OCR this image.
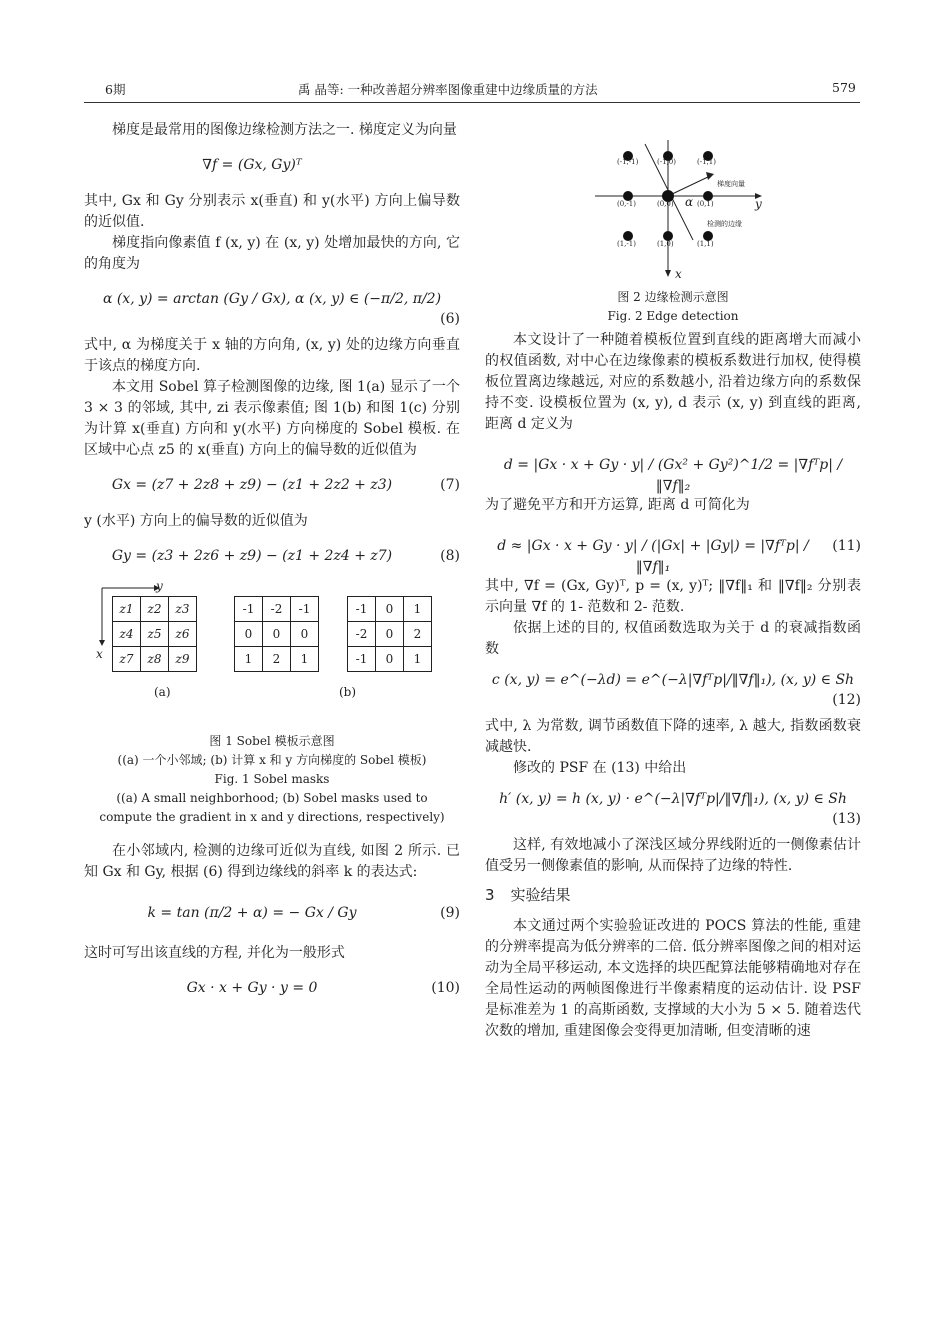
6期	禹 晶等: 一种改善超分辨率图像重建中边缘质量的方法	579

梯度是最常用的图像边缘检测方法之一. 梯度定义为向量

∇f = (Gx, Gy)ᵀ

其中, Gx 和 Gy 分别表示 x(垂直) 和 y(水平) 方向上偏导数的近似值.

梯度指向像素值 f (x, y) 在 (x, y) 处增加最快的方向, 它的角度为

α (x, y) = arctan (Gy / Gx), α (x, y) ∈ (−π/2, π/2)
(6)

式中, α 为梯度关于 x 轴的方向角, (x, y) 处的边缘方向垂直于该点的梯度方向.

本文用 Sobel 算子检测图像的边缘, 图 1(a) 显示了一个 3 × 3 的邻域, 其中, zi 表示像素值; 图 1(b) 和图 1(c) 分别为计算 x(垂直) 方向和 y(水平) 方向梯度的 Sobel 模板. 在区域中心点 z5 的 x(垂直) 方向上的偏导数的近似值为

Gx = (z7 + 2z8 + z9) − (z1 + 2z2 + z3)	(7)

y (水平) 方向上的偏导数的近似值为

Gy = (z3 + 2z6 + z9) − (z1 + 2z4 + z7)	(8)
y
x
z1	z2	z3
z4	z5	z6
z7	z8	z9
-1	-2	-1
0	0	0
1	2	1
-1	0	1
-2	0	2
-1	0	1
(a)	(b)
图 1 Sobel 模板示意图
((a) 一个小邻域; (b) 计算 x 和 y 方向梯度的 Sobel 模板)
Fig. 1 Sobel masks
((a) A small neighborhood; (b) Sobel masks used to
compute the gradient in x and y directions, respectively)

在小邻域内, 检测的边缘可近似为直线, 如图 2 所示. 已知 Gx 和 Gy, 根据 (6) 得到边缘线的斜率 k 的表达式:

k = tan (π/2 + α) = − Gx / Gy	(9)

这时可写出该直线的方程, 并化为一般形式

Gx · x + Gy · y = 0	(10)
(-1,-1)	(-1,0)	(-1,1)
(0,-1)	(0,0)	(0,1)
(1,-1)	(1,0)	(1,1)
梯度向量
检测的边缘
α	y
x
图 2 边缘检测示意图
Fig. 2 Edge detection

本文设计了一种随着模板位置到直线的距离增大而减小的权值函数, 对中心在边缘像素的模板系数进行加权, 使得模板位置离边缘越远, 对应的系数越小, 沿着边缘方向的系数保持不变. 设模板位置为 (x, y), d 表示 (x, y) 到直线的距离, 距离 d 定义为

d = |Gx · x + Gy · y| / (Gx² + Gy²)^1/2 = |∇fᵀp| / ‖∇f‖₂

为了避免平方和开方运算, 距离 d 可简化为

d ≈ |Gx · x + Gy · y| / (|Gx| + |Gy|) = |∇fᵀp| / ‖∇f‖₁
(11)

其中, ∇f = (Gx, Gy)ᵀ, p = (x, y)ᵀ; ‖∇f‖₁ 和 ‖∇f‖₂ 分别表示向量 ∇f 的 1- 范数和 2- 范数.

依据上述的目的, 权值函数选取为关于 d 的衰减指数函数

c (x, y) = e^(−λd) = e^(−λ|∇fᵀp|/‖∇f‖₁), (x, y) ∈ Sh
(12)

式中, λ 为常数, 调节函数值下降的速率, λ 越大, 指数函数衰减越快.

修改的 PSF 在 (13) 中给出

h′ (x, y) = h (x, y) · e^(−λ|∇fᵀp|/‖∇f‖₁), (x, y) ∈ Sh
(13)

这样, 有效地减小了深浅区域分界线附近的一侧像素估计值受另一侧像素值的影响, 从而保持了边缘的特性.

3 实验结果

本文通过两个实验验证改进的 POCS 算法的性能, 重建的分辨率提高为低分辨率的二倍. 低分辨率图像之间的相对运动为全局平移运动, 本文选择的块匹配算法能够精确地对存在全局性运动的两帧图像进行半像素精度的运动估计. 设 PSF 是标准差为 1 的高斯函数, 支撑域的大小为 5 × 5. 随着迭代次数的增加, 重建图像会变得更加清晰, 但变清晰的速
